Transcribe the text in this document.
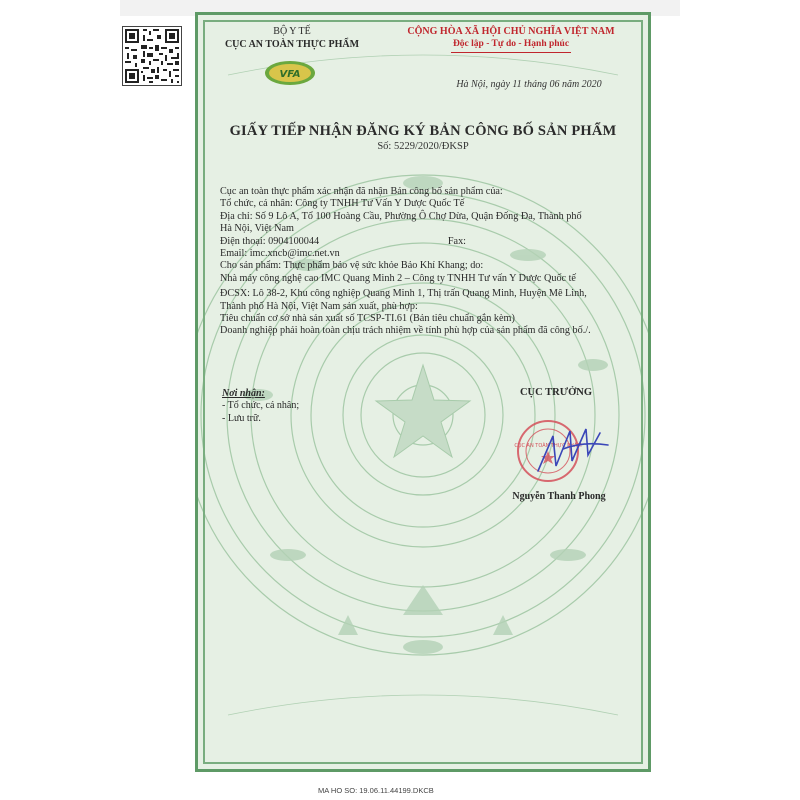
BỘ Y TẾ
CỤC AN TOÀN THỰC PHẨM
VFA
CỘNG HÒA XÃ HỘI CHỦ NGHĨA VIỆT NAM
Độc lập - Tự do - Hạnh phúc
Hà Nội, ngày 11 tháng 06 năm 2020
GIẤY TIẾP NHẬN ĐĂNG KÝ BẢN CÔNG BỐ SẢN PHẨM
Số: 5229/2020/ĐKSP

Cục an toàn thực phẩm xác nhận đã nhận Bản công bố sản phẩm của:

Tổ chức, cá nhân: Công ty TNHH Tư Vấn Y Dược Quốc Tế

Địa chỉ: Số 9 Lô A, Tổ 100 Hoàng Cầu, Phường Ô Chợ Dừa, Quận Đống Đa, Thành phố

Hà Nội, Việt Nam

Điện thoại: 0904100044	Fax:

Email: imc.xncb@imc.net.vn

Cho sản phẩm: Thực phẩm bảo vệ sức khỏe Bảo Khí Khang; do:

Nhà máy công nghệ cao IMC Quang Minh 2 – Công ty TNHH Tư vấn Y Dược Quốc tế

ĐCSX: Lô 38-2, Khu công nghiệp Quang Minh 1, Thị trấn Quang Minh, Huyện Mê Linh,

Thành phố Hà Nội, Việt Nam sản xuất, phù hợp:

Tiêu chuẩn cơ sở nhà sản xuất số TCSP-TI.61 (Bản tiêu chuẩn gắn kèm)

Doanh nghiệp phải hoàn toàn chịu trách nhiệm về tính phù hợp của sản phẩm đã công bố./.

Nơi nhận:
- Tổ chức, cá nhân;
- Lưu trữ.
CỤC TRƯỞNG
CỤC AN TOÀN THỰC PHẨM
Nguyễn Thanh Phong
MA HO SO: 19.06.11.44199.DKCB
